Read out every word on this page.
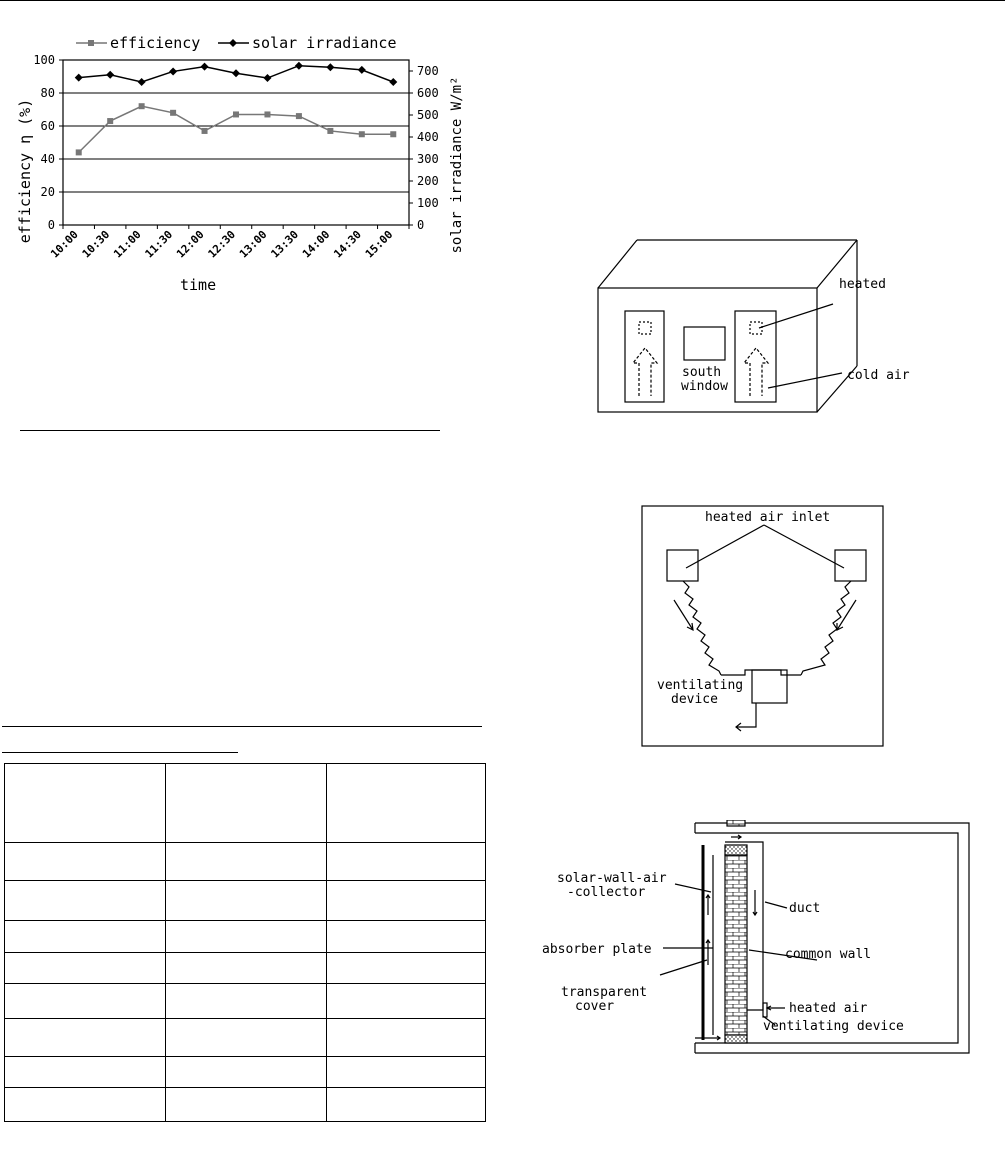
efficiency	solar irradiance
0
20
40
60
80
100
0
100
200
300
400
500
600
700
10:00
10:30
11:00
11:30
12:00
12:30
13:00
13:30
14:00
14:30
15:00
time
efficiency η (%)	solar irradiance W/m²

heated
south
window
cold air
heated air inlet
ventilating
device
solar-wall-air
-collector
duct
absorber plate	common wall
transparent
cover	heated air
ventilating device
